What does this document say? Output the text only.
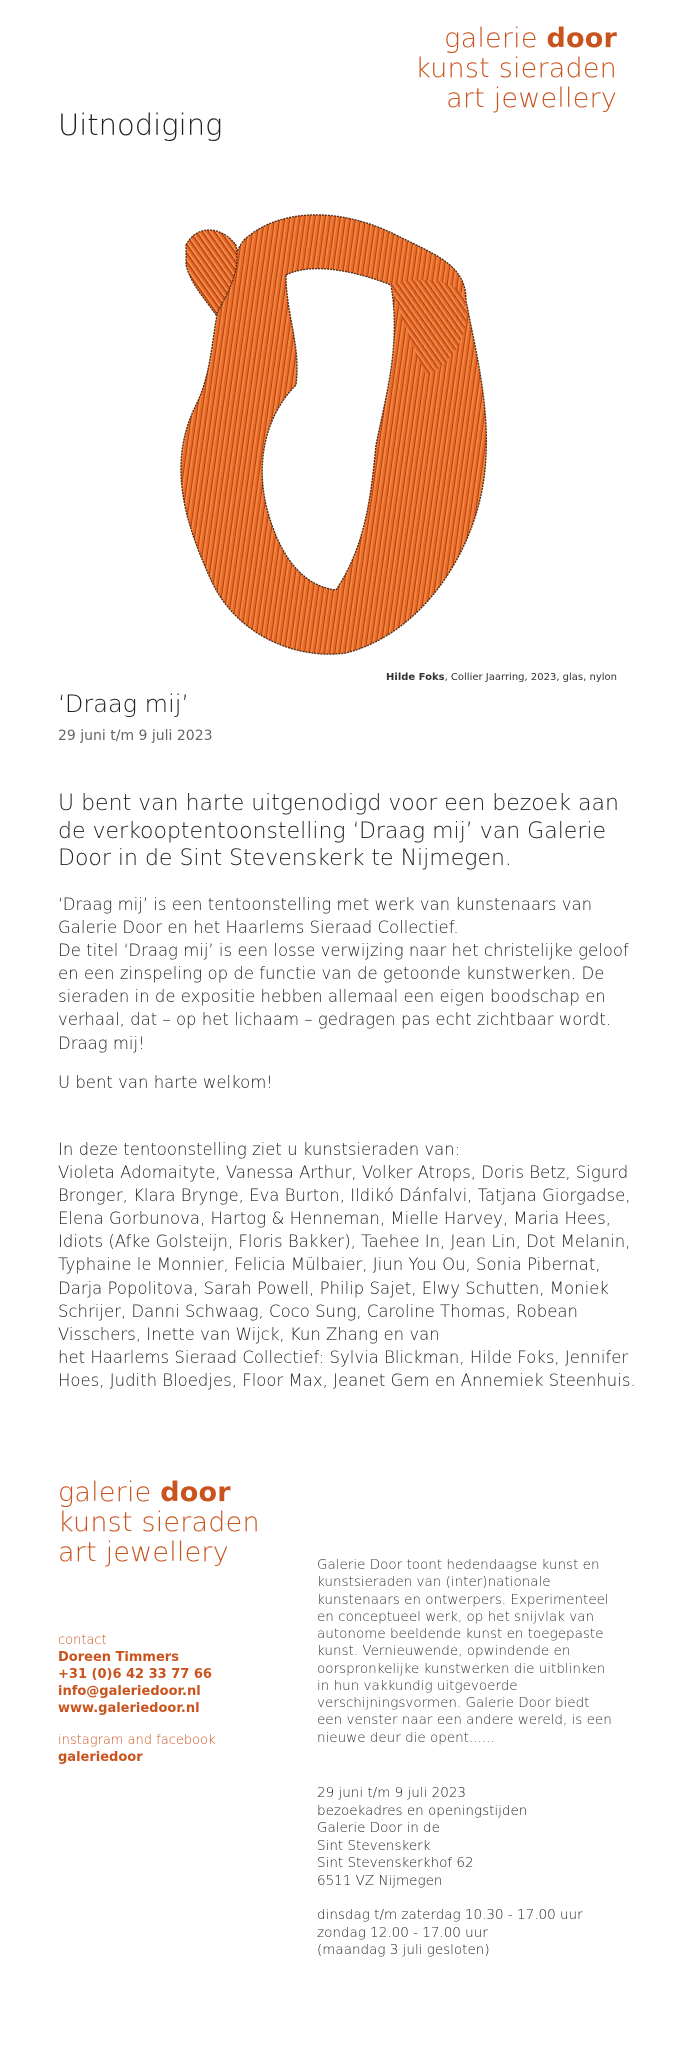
galerie door
kunst sieraden
art jewellery
Uitnodiging
Hilde Foks, Collier Jaarring, 2023, glas, nylon
‘Draag mij’
29 juni t/m 9 juli 2023

U bent van harte uitgenodigd voor een bezoek aan de verkooptentoonstelling ‘Draag mij’ van Galerie Door in de Sint Stevenskerk te Nijmegen.

‘Draag mij’ is een tentoonstelling met werk van kunstenaars van Galerie Door en het Haarlems Sieraad Collectief.
De titel ‘Draag mij’ is een losse verwijzing naar het christelijke geloof en een zinspeling op de functie van de getoonde kunstwerken. De sieraden in de expositie hebben allemaal een eigen boodschap en verhaal, dat – op het lichaam – gedragen pas echt zichtbaar wordt. Draag mij!

U bent van harte welkom!

In deze tentoonstelling ziet u kunstsieraden van:
Violeta Adomaityte, Vanessa Arthur, Volker Atrops, Doris Betz, Sigurd Bronger, Klara Brynge, Eva Burton, Ildikó Dánfalvi, Tatjana Giorgadse, Elena Gorbunova, Hartog & Henneman, Mielle Harvey, Maria Hees, Idiots (Afke Golsteijn, Floris Bakker), Taehee In, Jean Lin, Dot Melanin, Typhaine le Monnier, Felicia Mülbaier, Jiun You Ou, Sonia Pibernat, Darja Popolitova, Sarah Powell, Philip Sajet, Elwy Schutten, Moniek Schrijer, Danni Schwaag, Coco Sung, Caroline Thomas, Robean Visschers, Inette van Wijck, Kun Zhang en van
het Haarlems Sieraad Collectief: Sylvia Blickman, Hilde Foks, Jennifer Hoes, Judith Bloedjes, Floor Max, Jeanet Gem en Annemiek Steenhuis.
galerie door
kunst sieraden
art jewellery
contact
Doreen Timmers
+31 (0)6 42 33 77 66
info@galeriedoor.nl
www.galeriedoor.nl
instagram and facebook
galeriedoor

Galerie Door toont hedendaagse kunst en kunstsieraden van (inter)nationale kunstenaars en ontwerpers. Experimenteel en conceptueel werk, op het snijvlak van autonome beeldende kunst en toegepaste kunst. Vernieuwende, opwindende en oorspronkelijke kunstwerken die uitblinken in hun vakkundig uitgevoerde verschijningsvormen. Galerie Door biedt een venster naar een andere wereld, is een nieuwe deur die opent......

29 juni t/m 9 juli 2023
bezoekadres en openingstijden
Galerie Door in de
Sint Stevenskerk
Sint Stevenskerkhof 62
6511 VZ Nijmegen
dinsdag t/m zaterdag 10.30 - 17.00 uur
zondag 12.00 - 17.00 uur
(maandag 3 juli gesloten)
